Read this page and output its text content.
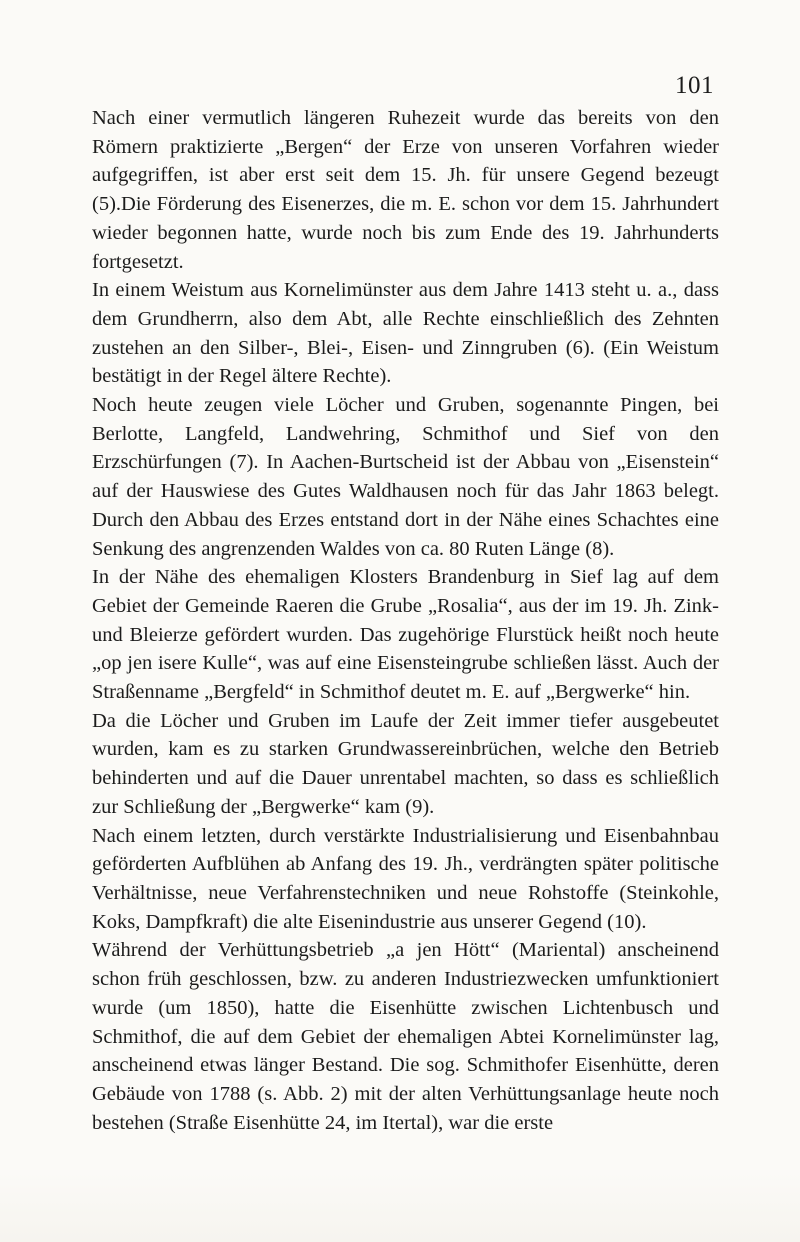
101

Nach einer vermutlich längeren Ruhezeit wurde das bereits von den Römern praktizierte „Bergen“ der Erze von unseren Vorfahren wieder aufgegriffen, ist aber erst seit dem 15. Jh. für unsere Gegend bezeugt (5).Die Förderung des Eisenerzes, die m. E. schon vor dem 15. Jahrhundert wieder begonnen hatte, wurde noch bis zum Ende des 19. Jahrhunderts fortgesetzt.

In einem Weistum aus Kornelimünster aus dem Jahre 1413 steht u. a., dass dem Grundherrn, also dem Abt, alle Rechte einschließlich des Zehnten zustehen an den Silber-, Blei-, Eisen- und Zinngruben (6). (Ein Weistum bestätigt in der Regel ältere Rechte).

Noch heute zeugen viele Löcher und Gruben, sogenannte Pingen, bei Berlotte, Langfeld, Landwehring, Schmithof und Sief von den Erzschürfungen (7). In Aachen-Burtscheid ist der Abbau von „Eisenstein“ auf der Hauswiese des Gutes Waldhausen noch für das Jahr 1863 belegt. Durch den Abbau des Erzes entstand dort in der Nähe eines Schachtes eine Senkung des angrenzenden Waldes von ca. 80 Ruten Länge (8).

In der Nähe des ehemaligen Klosters Brandenburg in Sief lag auf dem Gebiet der Gemeinde Raeren die Grube „Rosalia“, aus der im 19. Jh. Zink- und Bleierze gefördert wurden. Das zugehörige Flurstück heißt noch heute „op jen isere Kulle“, was auf eine Eisensteingrube schließen lässt. Auch der Straßenname „Bergfeld“ in Schmithof deutet m. E. auf „Bergwerke“ hin.

Da die Löcher und Gruben im Laufe der Zeit immer tiefer ausgebeutet wurden, kam es zu starken Grundwassereinbrüchen, welche den Betrieb behinderten und auf die Dauer unrentabel machten, so dass es schließlich zur Schließung der „Bergwerke“ kam (9).

Nach einem letzten, durch verstärkte Industrialisierung und Eisenbahnbau geförderten Aufblühen ab Anfang des 19. Jh., verdrängten später politische Verhältnisse, neue Verfahrenstechniken und neue Rohstoffe (Steinkohle, Koks, Dampfkraft) die alte Eisenindustrie aus unserer Gegend (10).

Während der Verhüttungsbetrieb „a jen Hött“ (Mariental) anscheinend schon früh geschlossen, bzw. zu anderen Industriezwecken umfunktioniert wurde (um 1850), hatte die Eisenhütte zwischen Lichtenbusch und Schmithof, die auf dem Gebiet der ehemaligen Abtei Kornelimünster lag, anscheinend etwas länger Bestand. Die sog. Schmithofer Eisenhütte, deren Gebäude von 1788 (s. Abb. 2) mit der alten Verhüttungsanlage heute noch bestehen (Straße Eisenhütte 24, im Itertal), war die erste
